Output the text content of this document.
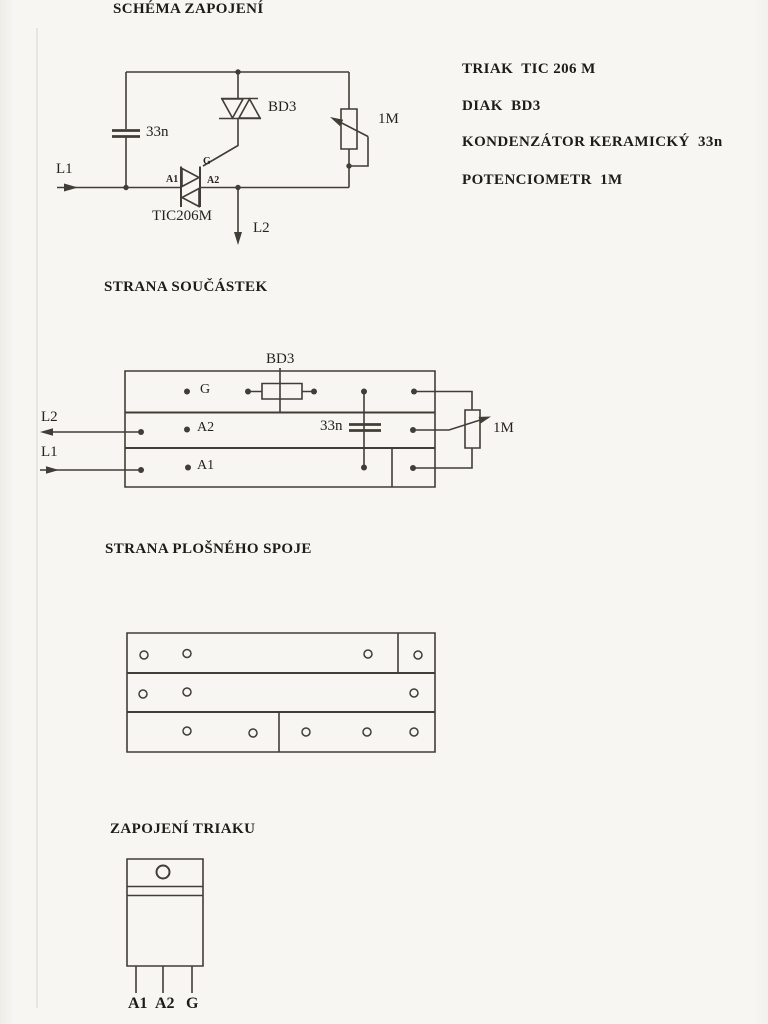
SCHÉMA ZAPOJENÍ
L1
33n
BD3
1M
G
A1	A2
TIC206M
L2
TRIAK  TIC 206 M
DIAK  BD3
KONDENZÁTOR KERAMICKÝ  33n
POTENCIOMETR  1M
STRANA SOUČÁSTEK
L2
L1
BD3
G
A2
A1
33n	1M
STRANA PLOŠNÉHO SPOJE
ZAPOJENÍ TRIAKU
A1 A2 G
